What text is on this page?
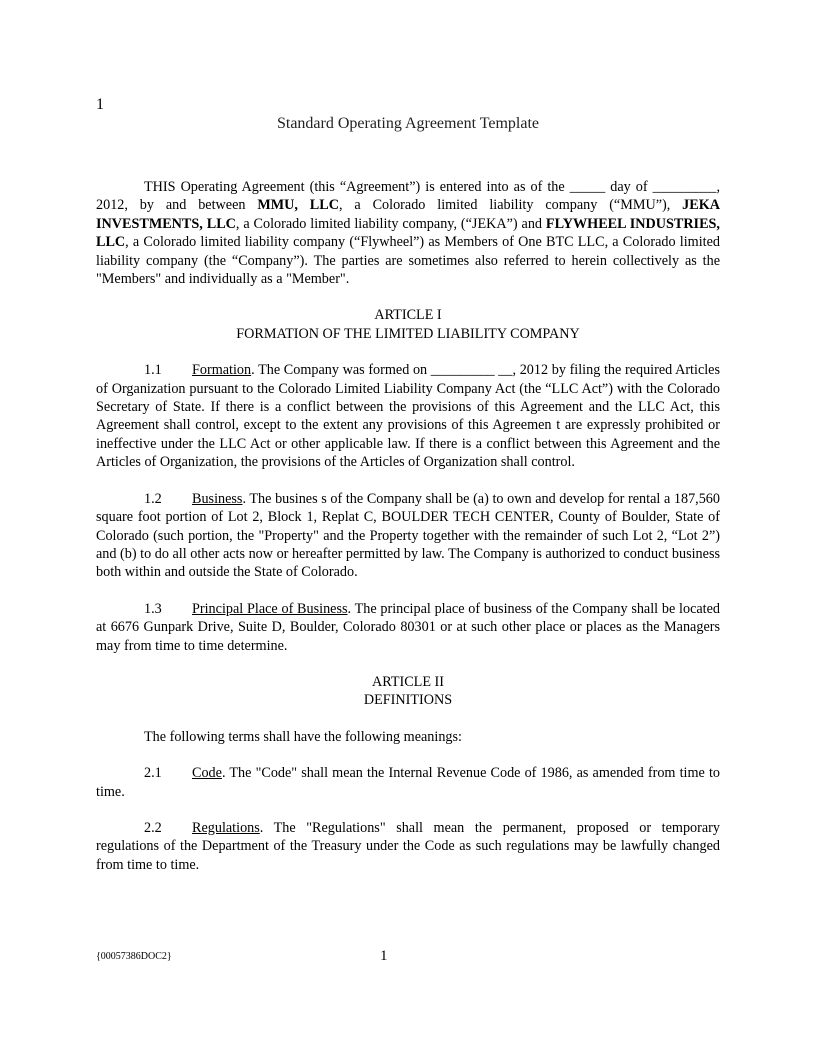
1
Standard Operating Agreement Template

THIS Operating Agreement (this “Agreement”) is entered into as of the _____ day of _________, 2012, by and between MMU, LLC, a Colorado limited liability company (“MMU”), JEKA INVESTMENTS, LLC, a Colorado limited liability company, (“JEKA”) and FLYWHEEL INDUSTRIES, LLC, a Colorado limited liability company (“Flywheel”) as Members of One BTC LLC, a Colorado limited liability company (the “Company”). The parties are sometimes also referred to herein collectively as the "Members" and individually as a "Member".

ARTICLE I
FORMATION OF THE LIMITED LIABILITY COMPANY

1.1 Formation. The Company was formed on _________ __, 2012 by filing the required Articles of Organization pursuant to the Colorado Limited Liability Company Act (the “LLC Act”) with the Colorado Secretary of State. If there is a conflict between the provisions of this Agreement and the LLC Act, this Agreement shall control, except to the extent any provisions of this Agreemen t are expressly prohibited or ineffective under the LLC Act or other applicable law. If there is a conflict between this Agreement and the Articles of Organization, the provisions of the Articles of Organization shall control.

1.2 Business. The busines s of the Company shall be (a) to own and develop for rental a 187,560 square foot portion of Lot 2, Block 1, Replat C, BOULDER TECH CENTER, County of Boulder, State of Colorado (such portion, the "Property" and the Property together with the remainder of such Lot 2, “Lot 2”) and (b) to do all other acts now or hereafter permitted by law. The Company is authorized to conduct business both within and outside the State of Colorado.

1.3 Principal Place of Business. The principal place of business of the Company shall be located at 6676 Gunpark Drive, Suite D, Boulder, Colorado 80301 or at such other place or places as the Managers may from time to time determine.

ARTICLE II
DEFINITIONS

The following terms shall have the following meanings:

2.1 Code. The "Code" shall mean the Internal Revenue Code of 1986, as amended from time to time.

2.2 Regulations. The "Regulations" shall mean the permanent, proposed or temporary regulations of the Department of the Treasury under the Code as such regulations may be lawfully changed from time to time.

{00057386DOC2}	1
